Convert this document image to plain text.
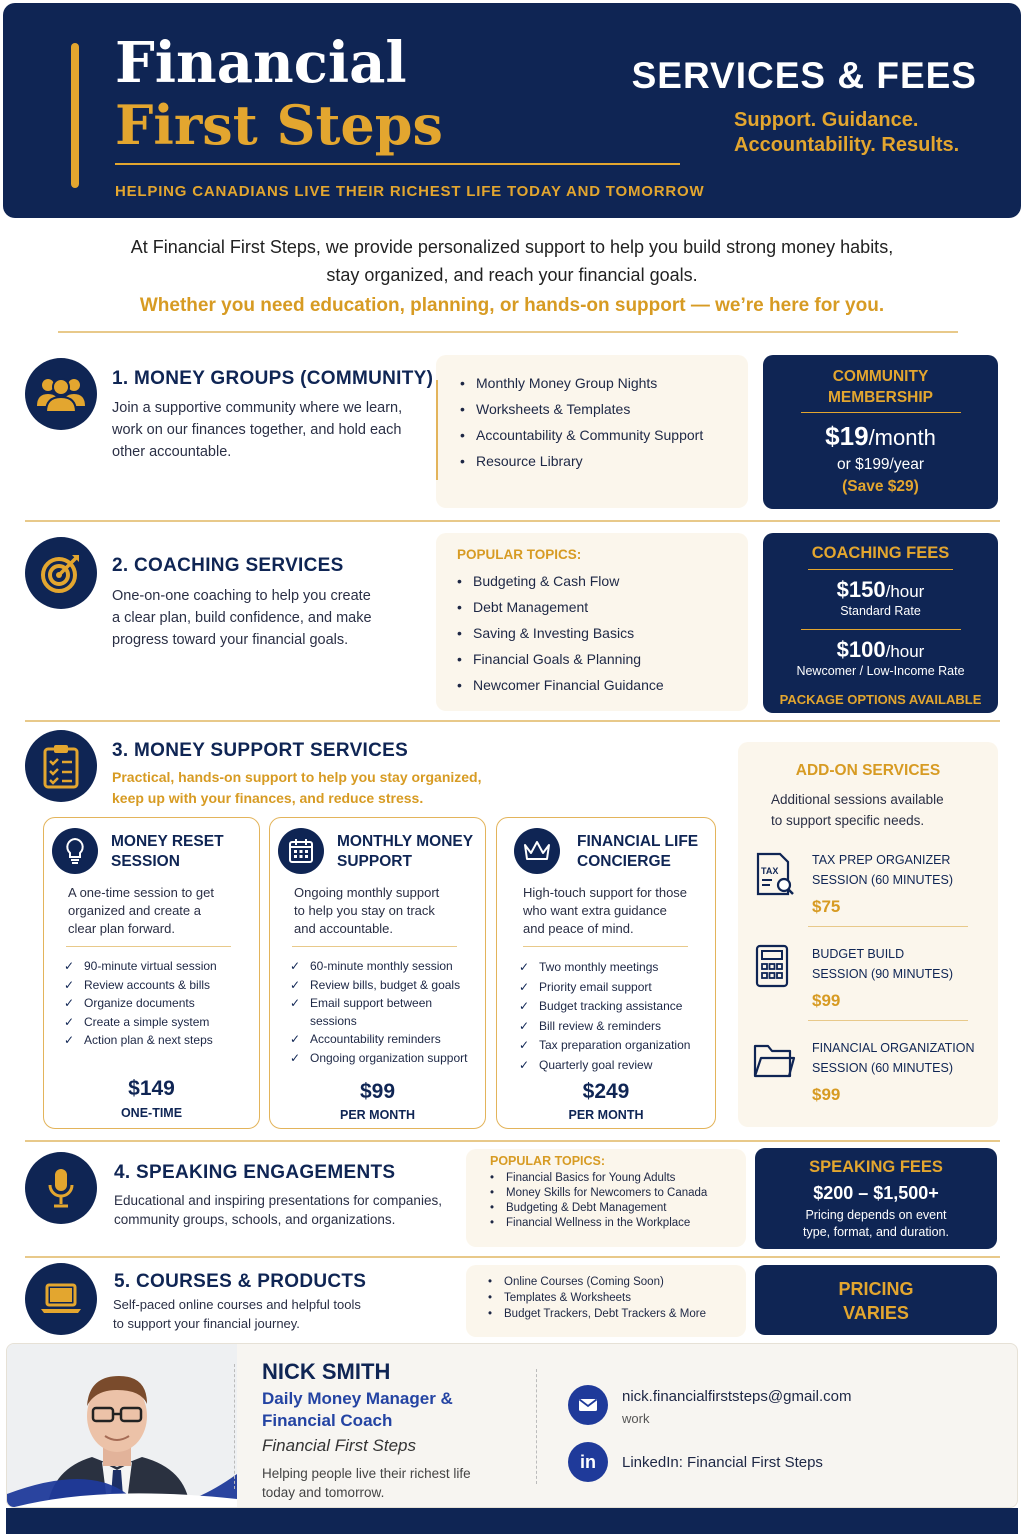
Financial
First Steps
HELPING CANADIANS LIVE THEIR RICHEST LIFE TODAY AND TOMORROW
SERVICES & FEES
Support. Guidance.
Accountability. Results.
At Financial First Steps, we provide personalized support to help you build strong money habits,
stay organized, and reach your financial goals.
Whether you need education, planning, or hands-on support — we’re here for you.
1. MONEY GROUPS (COMMUNITY)
Join a supportive community where we learn,
work on our finances together, and hold each
other accountable.
• Monthly Money Group Nights
• Worksheets & Templates
• Accountability & Community Support
• Resource Library
COMMUNITY
MEMBERSHIP
$19/month
or $199/year
(Save $29)
2. COACHING SERVICES
One-on-one coaching to help you create
a clear plan, build confidence, and make
progress toward your financial goals.
POPULAR TOPICS:
• Budgeting & Cash Flow
• Debt Management
• Saving & Investing Basics
• Financial Goals & Planning
• Newcomer Financial Guidance
COACHING FEES
$150/hour
Standard Rate
$100/hour
Newcomer / Low-Income Rate
PACKAGE OPTIONS AVAILABLE
3. MONEY SUPPORT SERVICES
Practical, hands-on support to help you stay organized,
keep up with your finances, and reduce stress.
MONEY RESET
SESSION
A one-time session to get
organized and create a
clear plan forward.
✓ 90-minute virtual session
✓ Review accounts & bills
✓ Organize documents
✓ Create a simple system
✓ Action plan & next steps
$149
ONE-TIME
MONTHLY MONEY
SUPPORT
Ongoing monthly support
to help you stay on track
and accountable.
✓ 60-minute monthly session
✓ Review bills, budget & goals
✓ Email support between sessions
✓ Accountability reminders
✓ Ongoing organization support
$99
PER MONTH
FINANCIAL LIFE
CONCIERGE
High-touch support for those
who want extra guidance
and peace of mind.
✓ Two monthly meetings
✓ Priority email support
✓ Budget tracking assistance
✓ Bill review & reminders
✓ Tax preparation organization
✓ Quarterly goal review
$249
PER MONTH
ADD-ON SERVICES
Additional sessions available
to support specific needs.
TAX
TAX PREP ORGANIZER
SESSION (60 MINUTES)
$75
BUDGET BUILD
SESSION (90 MINUTES)
$99
FINANCIAL ORGANIZATION
SESSION (60 MINUTES)
$99
4. SPEAKING ENGAGEMENTS
Educational and inspiring presentations for companies,
community groups, schools, and organizations.
POPULAR TOPICS:
• Financial Basics for Young Adults
• Money Skills for Newcomers to Canada
• Budgeting & Debt Management
• Financial Wellness in the Workplace
SPEAKING FEES
$200 – $1,500+
Pricing depends on event
type, format, and duration.
5. COURSES & PRODUCTS
Self-paced online courses and helpful tools
to support your financial journey.
• Online Courses (Coming Soon)
• Templates & Worksheets
• Budget Trackers, Debt Trackers & More
PRICING
VARIES
NICK SMITH
Daily Money Manager &
Financial Coach
Financial First Steps
Helping people live their richest life
today and tomorrow.
nick.financialfirststeps@gmail.com
work
in	LinkedIn: Financial First Steps
